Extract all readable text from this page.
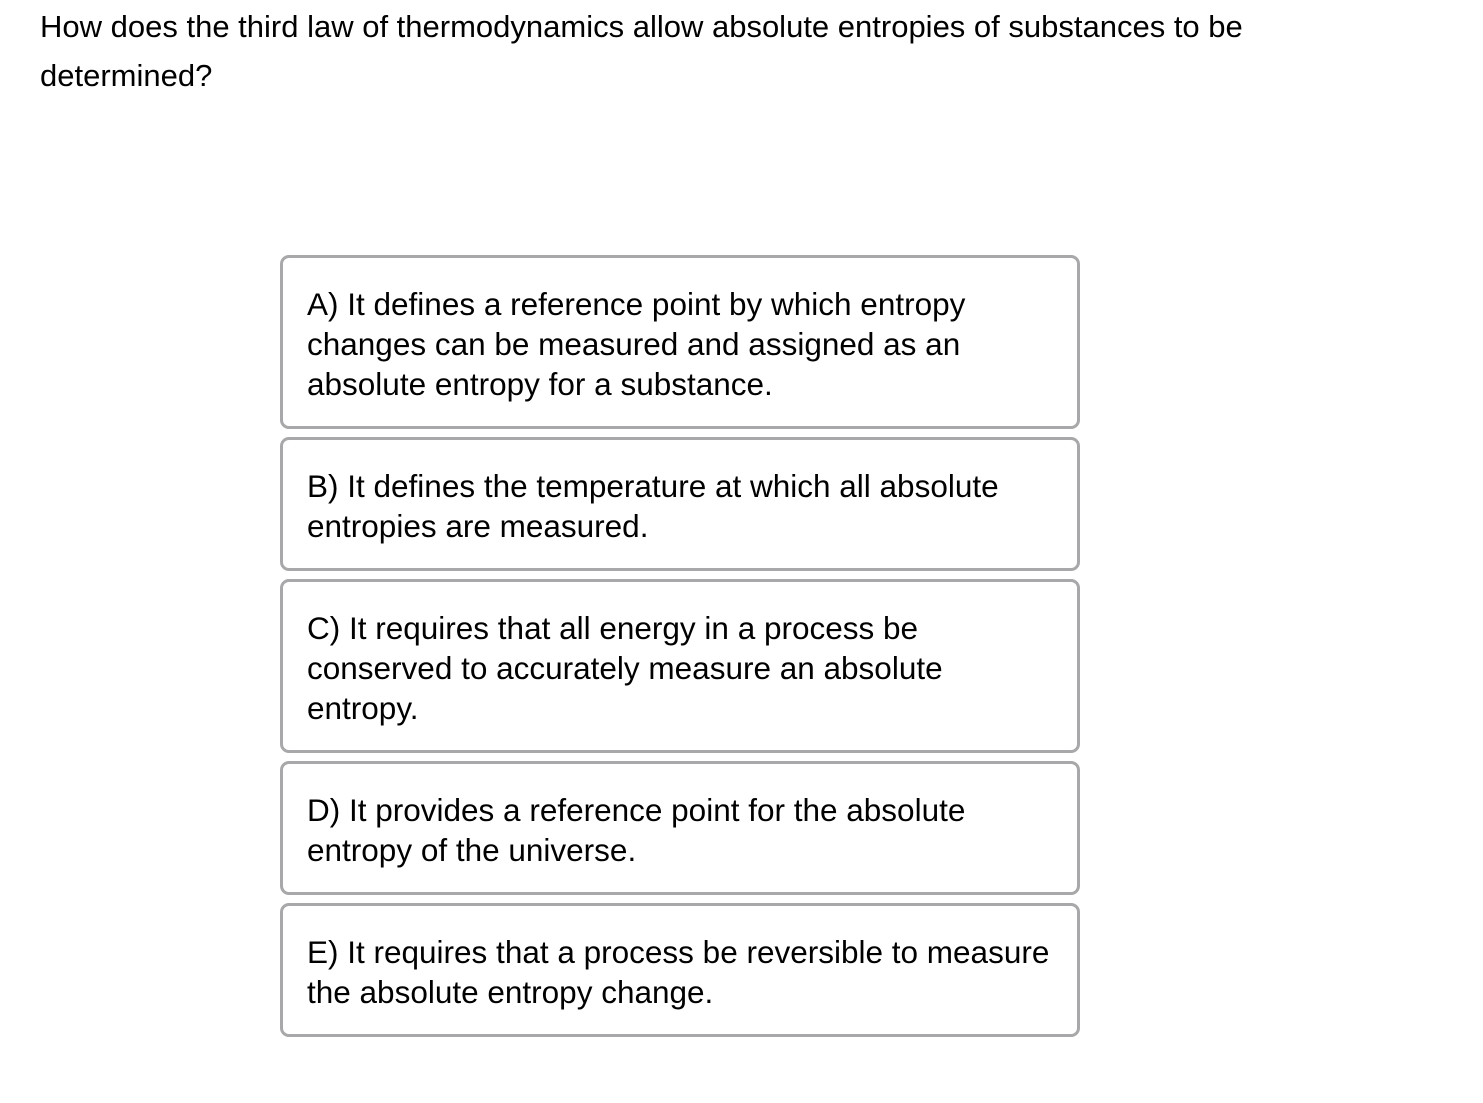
How does the third law of thermodynamics allow absolute entropies of substances to be determined?

A) It defines a reference point by which entropy changes can be measured and assigned as an absolute entropy for a substance.
B) It defines the temperature at which all absolute entropies are measured.
C) It requires that all energy in a process be conserved to accurately measure an absolute entropy.
D) It provides a reference point for the absolute entropy of the universe.
E) It requires that a process be reversible to measure the absolute entropy change.
